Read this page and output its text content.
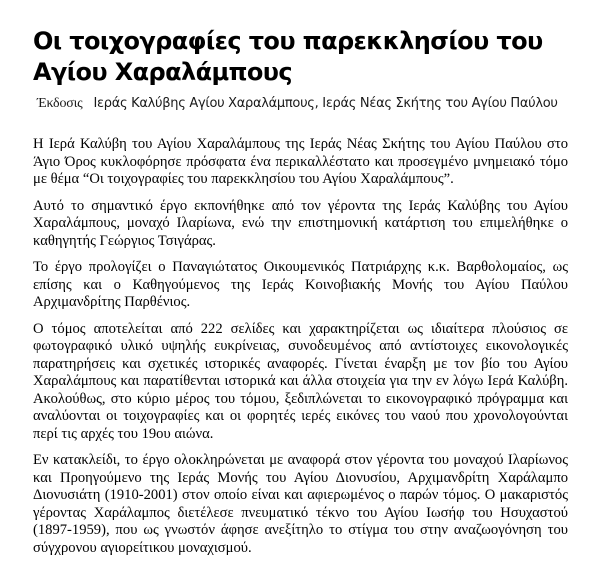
Οι τοιχογραφίες του παρεκκλησίου του
Αγίου Χαραλάμπους
Έκδοσις Ιεράς Καλύβης Αγίου Χαραλάμπους, Ιεράς Νέας Σκήτης του Αγίου Παύλου

Η Ιερά Καλύβη του Αγίου Χαραλάμπους της Ιεράς Νέας Σκήτης του Αγίου Παύλου στο Άγιο Όρος κυκλοφόρησε πρόσφατα ένα περικαλλέστατο και προσεγμένο μνημειακό τόμο με θέμα “Οι τοιχογραφίες του παρεκκλησίου του Αγίου Χαραλάμπους”.

Αυτό το σημαντικό έργο εκπονήθηκε από τον γέροντα της Ιεράς Καλύβης του Αγίου Χαραλάμπους, μοναχό Ιλαρίωνα, ενώ την επιστημονική κατάρτιση του επιμελήθηκε ο καθηγητής Γεώργιος Τσιγάρας.

Το έργο προλογίζει ο Παναγιώτατος Οικουμενικός Πατριάρχης κ.κ. Βαρθολομαίος, ως επίσης και ο Καθηγούμενος της Ιεράς Κοινοβιακής Μονής του Αγίου Παύλου Αρχιμανδρίτης Παρθένιος.

Ο τόμος αποτελείται από 222 σελίδες και χαρακτηρίζεται ως ιδιαίτερα πλούσιος σε φωτογραφικό υλικό υψηλής ευκρίνειας, συνοδευμένος από αντίστοιχες εικονολογικές παρατηρήσεις και σχετικές ιστορικές αναφορές. Γίνεται έναρξη με τον βίο του Αγίου Χαραλάμπους και παρατίθενται ιστορικά και άλλα στοιχεία για την εν λόγω Ιερά Καλύβη. Ακολούθως, στο κύριο μέρος του τόμου, ξεδιπλώνεται το εικονογραφικό πρόγραμμα και αναλύονται οι τοιχογραφίες και οι φορητές ιερές εικόνες του ναού που χρονολογούνται περί τις αρχές του 19ου αιώνα.

Εν κατακλείδι, το έργο ολοκληρώνεται με αναφορά στον γέροντα του μοναχού Ιλαρίωνος και Προηγούμενο της Ιεράς Μονής του Αγίου Διονυσίου, Αρχιμανδρίτη Χαράλαμπο Διονυσιάτη (1910-2001) στον οποίο είναι και αφιερωμένος ο παρών τόμος. Ο μακαριστός γέροντας Χαράλαμπος διετέλεσε πνευματικό τέκνο του Αγίου Ιωσήφ του Ησυχαστού (1897-1959), που ως γνωστόν άφησε ανεξίτηλο το στίγμα του στην αναζωογόνηση του σύγχρονου αγιορείτικου μοναχισμού.
